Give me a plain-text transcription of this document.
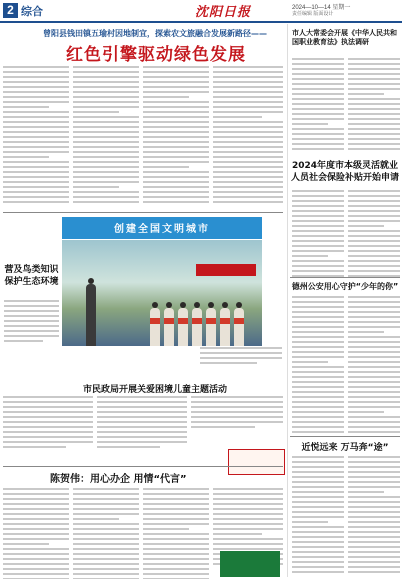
2 综合	沈阳日报	2024—10—14 星期一
责任编辑 版面设计
曾阳县钱田镇五瑜村因地制宜，探索农文旅融合发展新路径——
红色引擎驱动绿色发展
市人大常委会开展《中华人民共和国职业教育法》执法调研
2024年度市本级灵活就业人员社会保险补贴开始申请
德州公安用心守护“少年的你”
近悦远来 万马奔“途”
创建全国文明城市
营及鸟类知识 保护生态环境
市民政局开展关爱困境儿童主题活动
陈贺伟：用心办企 用情“代言”
